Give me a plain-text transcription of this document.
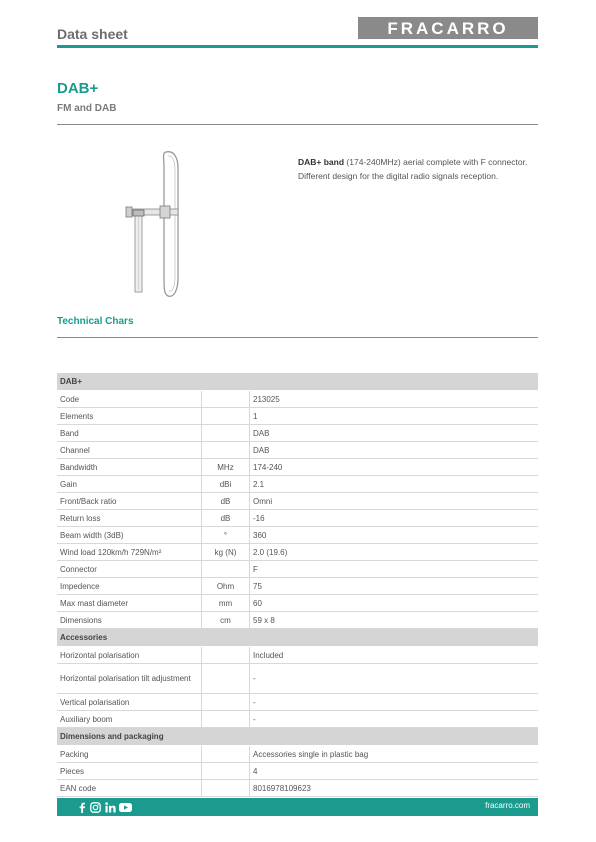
Data sheet	FRACARRO
DAB+
FM and DAB
DAB+ band (174-240MHz) aerial complete with F connector. Different design for the digital radio signals reception.
Technical Chars
DAB+		
Code		213025
Elements		1
Band		DAB
Channel		DAB
Bandwidth	MHz	174-240
Gain	dBi	2.1
Front/Back ratio	dB	Omni
Return loss	dB	-16
Beam width (3dB)	°	360
Wind load 120km/h 729N/m²	kg (N)	2.0 (19.6)
Connector		F
Impedence	Ohm	75
Max mast diameter	mm	60
Dimensions	cm	59 x 8
Accessories		
Horizontal polarisation		Included
Horizontal polarisation tilt adjustment		-
Vertical polarisation		-
Auxiliary boom		-
Dimensions and packaging		
Packing		Accessories single in plastic bag
Pieces		4
EAN code		8016978109623
fracarro.com
